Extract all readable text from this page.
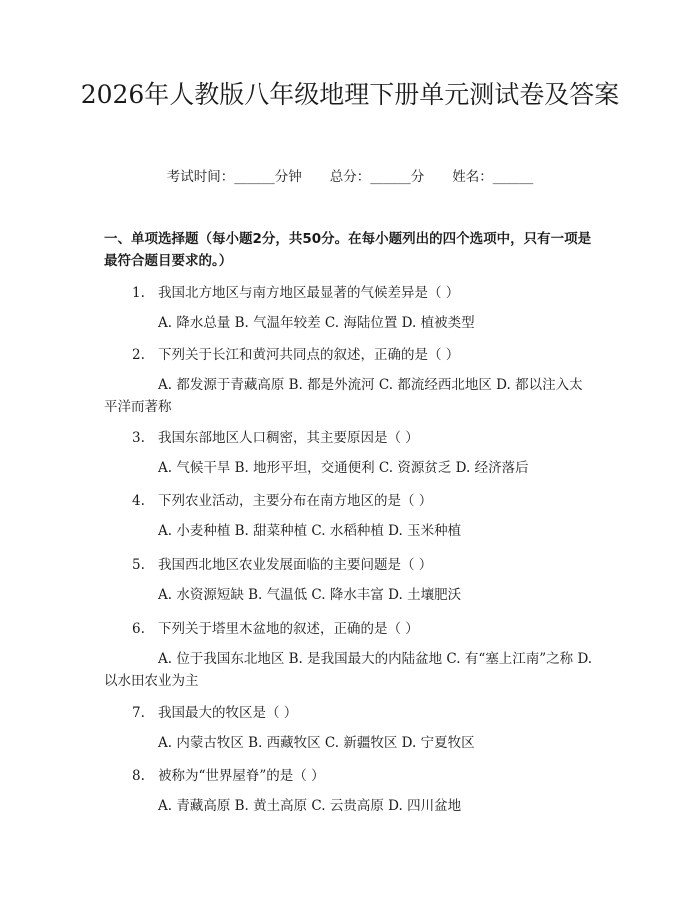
2026年人教版八年级地理下册单元测试卷及答案
考试时间：______分钟 总分：______分 姓名：______

一、单项选择题（每小题2分，共50分。在每小题列出的四个选项中，只有一项是最符合题目要求的。）

1. 我国北方地区与南方地区最显著的气候差异是（ ）
A. 降水总量 B. 气温年较差 C. 海陆位置 D. 植被类型
2. 下列关于长江和黄河共同点的叙述，正确的是（ ）
A. 都发源于青藏高原 B. 都是外流河 C. 都流经西北地区 D. 都以注入太平洋而著称
3. 我国东部地区人口稠密，其主要原因是（ ）
A. 气候干旱 B. 地形平坦，交通便利 C. 资源贫乏 D. 经济落后
4. 下列农业活动，主要分布在南方地区的是（ ）
A. 小麦种植 B. 甜菜种植 C. 水稻种植 D. 玉米种植
5. 我国西北地区农业发展面临的主要问题是（ ）
A. 水资源短缺 B. 气温低 C. 降水丰富 D. 土壤肥沃
6. 下列关于塔里木盆地的叙述，正确的是（ ）
A. 位于我国东北地区 B. 是我国最大的内陆盆地 C. 有“塞上江南”之称 D. 以水田农业为主
7. 我国最大的牧区是（ ）
A. 内蒙古牧区 B. 西藏牧区 C. 新疆牧区 D. 宁夏牧区
8. 被称为“世界屋脊”的是（ ）
A. 青藏高原 B. 黄土高原 C. 云贵高原 D. 四川盆地
